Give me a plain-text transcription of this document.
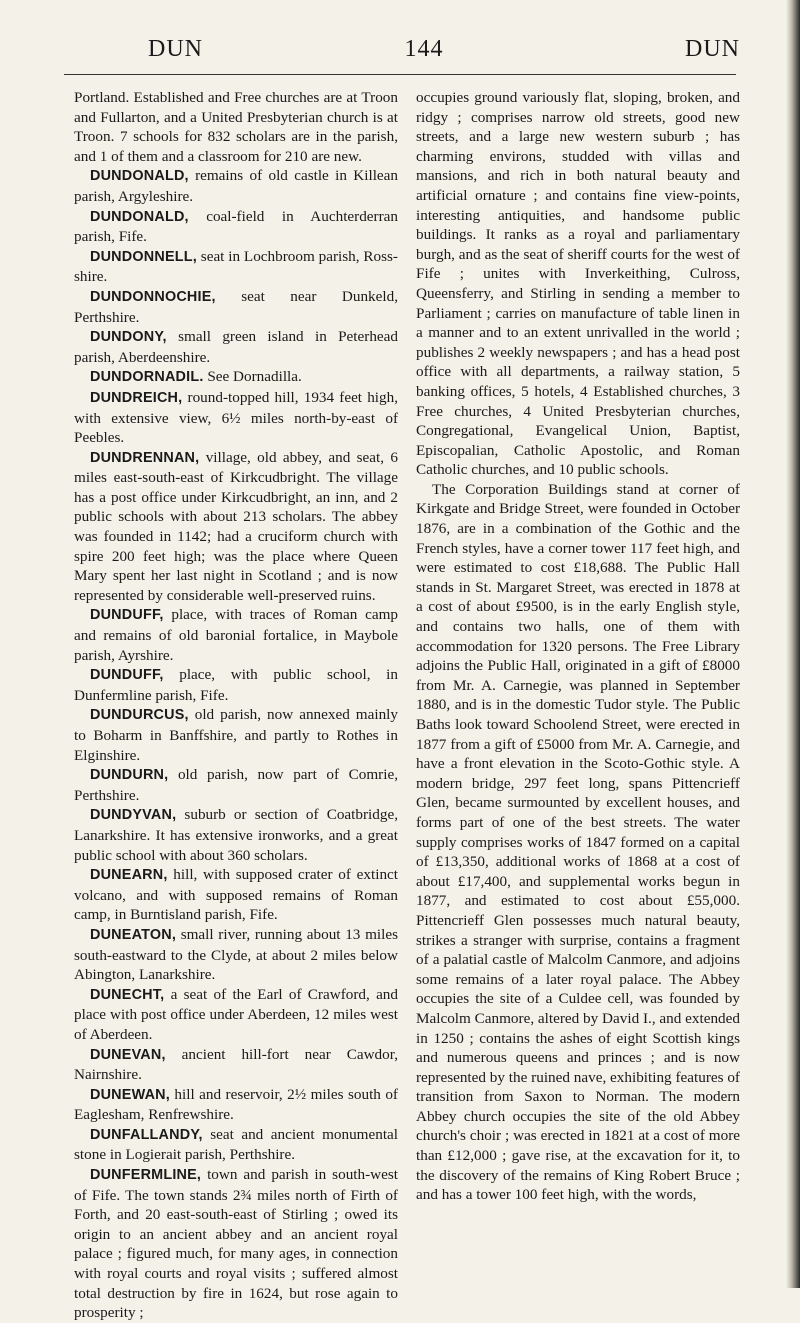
DUN	144	DUN

Portland. Established and Free churches are at Troon and Fullarton, and a United Presbyterian church is at Troon. 7 schools for 832 scholars are in the parish, and 1 of them and a classroom for 210 are new.

DUNDONALD, remains of old castle in Killean parish, Argyleshire.

DUNDONALD, coal-field in Auchterderran parish, Fife.

DUNDONNELL, seat in Lochbroom parish, Ross-shire.

DUNDONNOCHIE, seat near Dunkeld, Perthshire.

DUNDONY, small green island in Peterhead parish, Aberdeenshire.

DUNDORNADIL. See Dornadilla.

DUNDREICH, round-topped hill, 1934 feet high, with extensive view, 6½ miles north-by-east of Peebles.

DUNDRENNAN, village, old abbey, and seat, 6 miles east-south-east of Kirkcudbright. The village has a post office under Kirkcudbright, an inn, and 2 public schools with about 213 scholars. The abbey was founded in 1142; had a cruciform church with spire 200 feet high; was the place where Queen Mary spent her last night in Scotland ; and is now represented by considerable well-preserved ruins.

DUNDUFF, place, with traces of Roman camp and remains of old baronial fortalice, in Maybole parish, Ayrshire.

DUNDUFF, place, with public school, in Dunfermline parish, Fife.

DUNDURCUS, old parish, now annexed mainly to Boharm in Banffshire, and partly to Rothes in Elginshire.

DUNDURN, old parish, now part of Comrie, Perthshire.

DUNDYVAN, suburb or section of Coatbridge, Lanarkshire. It has extensive ironworks, and a great public school with about 360 scholars.

DUNEARN, hill, with supposed crater of extinct volcano, and with supposed remains of Roman camp, in Burntisland parish, Fife.

DUNEATON, small river, running about 13 miles south-eastward to the Clyde, at about 2 miles below Abington, Lanarkshire.

DUNECHT, a seat of the Earl of Crawford, and place with post office under Aberdeen, 12 miles west of Aberdeen.

DUNEVAN, ancient hill-fort near Cawdor, Nairnshire.

DUNEWAN, hill and reservoir, 2½ miles south of Eaglesham, Renfrewshire.

DUNFALLANDY, seat and ancient monumental stone in Logierait parish, Perthshire.

DUNFERMLINE, town and parish in south-west of Fife. The town stands 2¾ miles north of Firth of Forth, and 20 east-south-east of Stirling ; owed its origin to an ancient abbey and an ancient royal palace ; figured much, for many ages, in connection with royal courts and royal visits ; suffered almost total destruction by fire in 1624, but rose again to prosperity ;

occupies ground variously flat, sloping, broken, and ridgy ; comprises narrow old streets, good new streets, and a large new western suburb ; has charming environs, studded with villas and mansions, and rich in both natural beauty and artificial ornature ; and contains fine view-points, interesting antiquities, and handsome public buildings. It ranks as a royal and parliamentary burgh, and as the seat of sheriff courts for the west of Fife ; unites with Inverkeithing, Culross, Queensferry, and Stirling in sending a member to Parliament ; carries on manufacture of table linen in a manner and to an extent unrivalled in the world ; publishes 2 weekly newspapers ; and has a head post office with all departments, a railway station, 5 banking offices, 5 hotels, 4 Established churches, 3 Free churches, 4 United Presbyterian churches, Congregational, Evangelical Union, Baptist, Episcopalian, Catholic Apostolic, and Roman Catholic churches, and 10 public schools.

The Corporation Buildings stand at corner of Kirkgate and Bridge Street, were founded in October 1876, are in a combination of the Gothic and the French styles, have a corner tower 117 feet high, and were estimated to cost £18,688. The Public Hall stands in St. Margaret Street, was erected in 1878 at a cost of about £9500, is in the early English style, and contains two halls, one of them with accommodation for 1320 persons. The Free Library adjoins the Public Hall, originated in a gift of £8000 from Mr. A. Carnegie, was planned in September 1880, and is in the domestic Tudor style. The Public Baths look toward Schoolend Street, were erected in 1877 from a gift of £5000 from Mr. A. Carnegie, and have a front elevation in the Scoto-Gothic style. A modern bridge, 297 feet long, spans Pittencrieff Glen, became surmounted by excellent houses, and forms part of one of the best streets. The water supply comprises works of 1847 formed on a capital of £13,350, additional works of 1868 at a cost of about £17,400, and supplemental works begun in 1877, and estimated to cost about £55,000. Pittencrieff Glen possesses much natural beauty, strikes a stranger with surprise, contains a fragment of a palatial castle of Malcolm Canmore, and adjoins some remains of a later royal palace. The Abbey occupies the site of a Culdee cell, was founded by Malcolm Canmore, altered by David I., and extended in 1250 ; contains the ashes of eight Scottish kings and numerous queens and princes ; and is now represented by the ruined nave, exhibiting features of transition from Saxon to Norman. The modern Abbey church occupies the site of the old Abbey church's choir ; was erected in 1821 at a cost of more than £12,000 ; gave rise, at the excavation for it, to the discovery of the remains of King Robert Bruce ; and has a tower 100 feet high, with the words,
